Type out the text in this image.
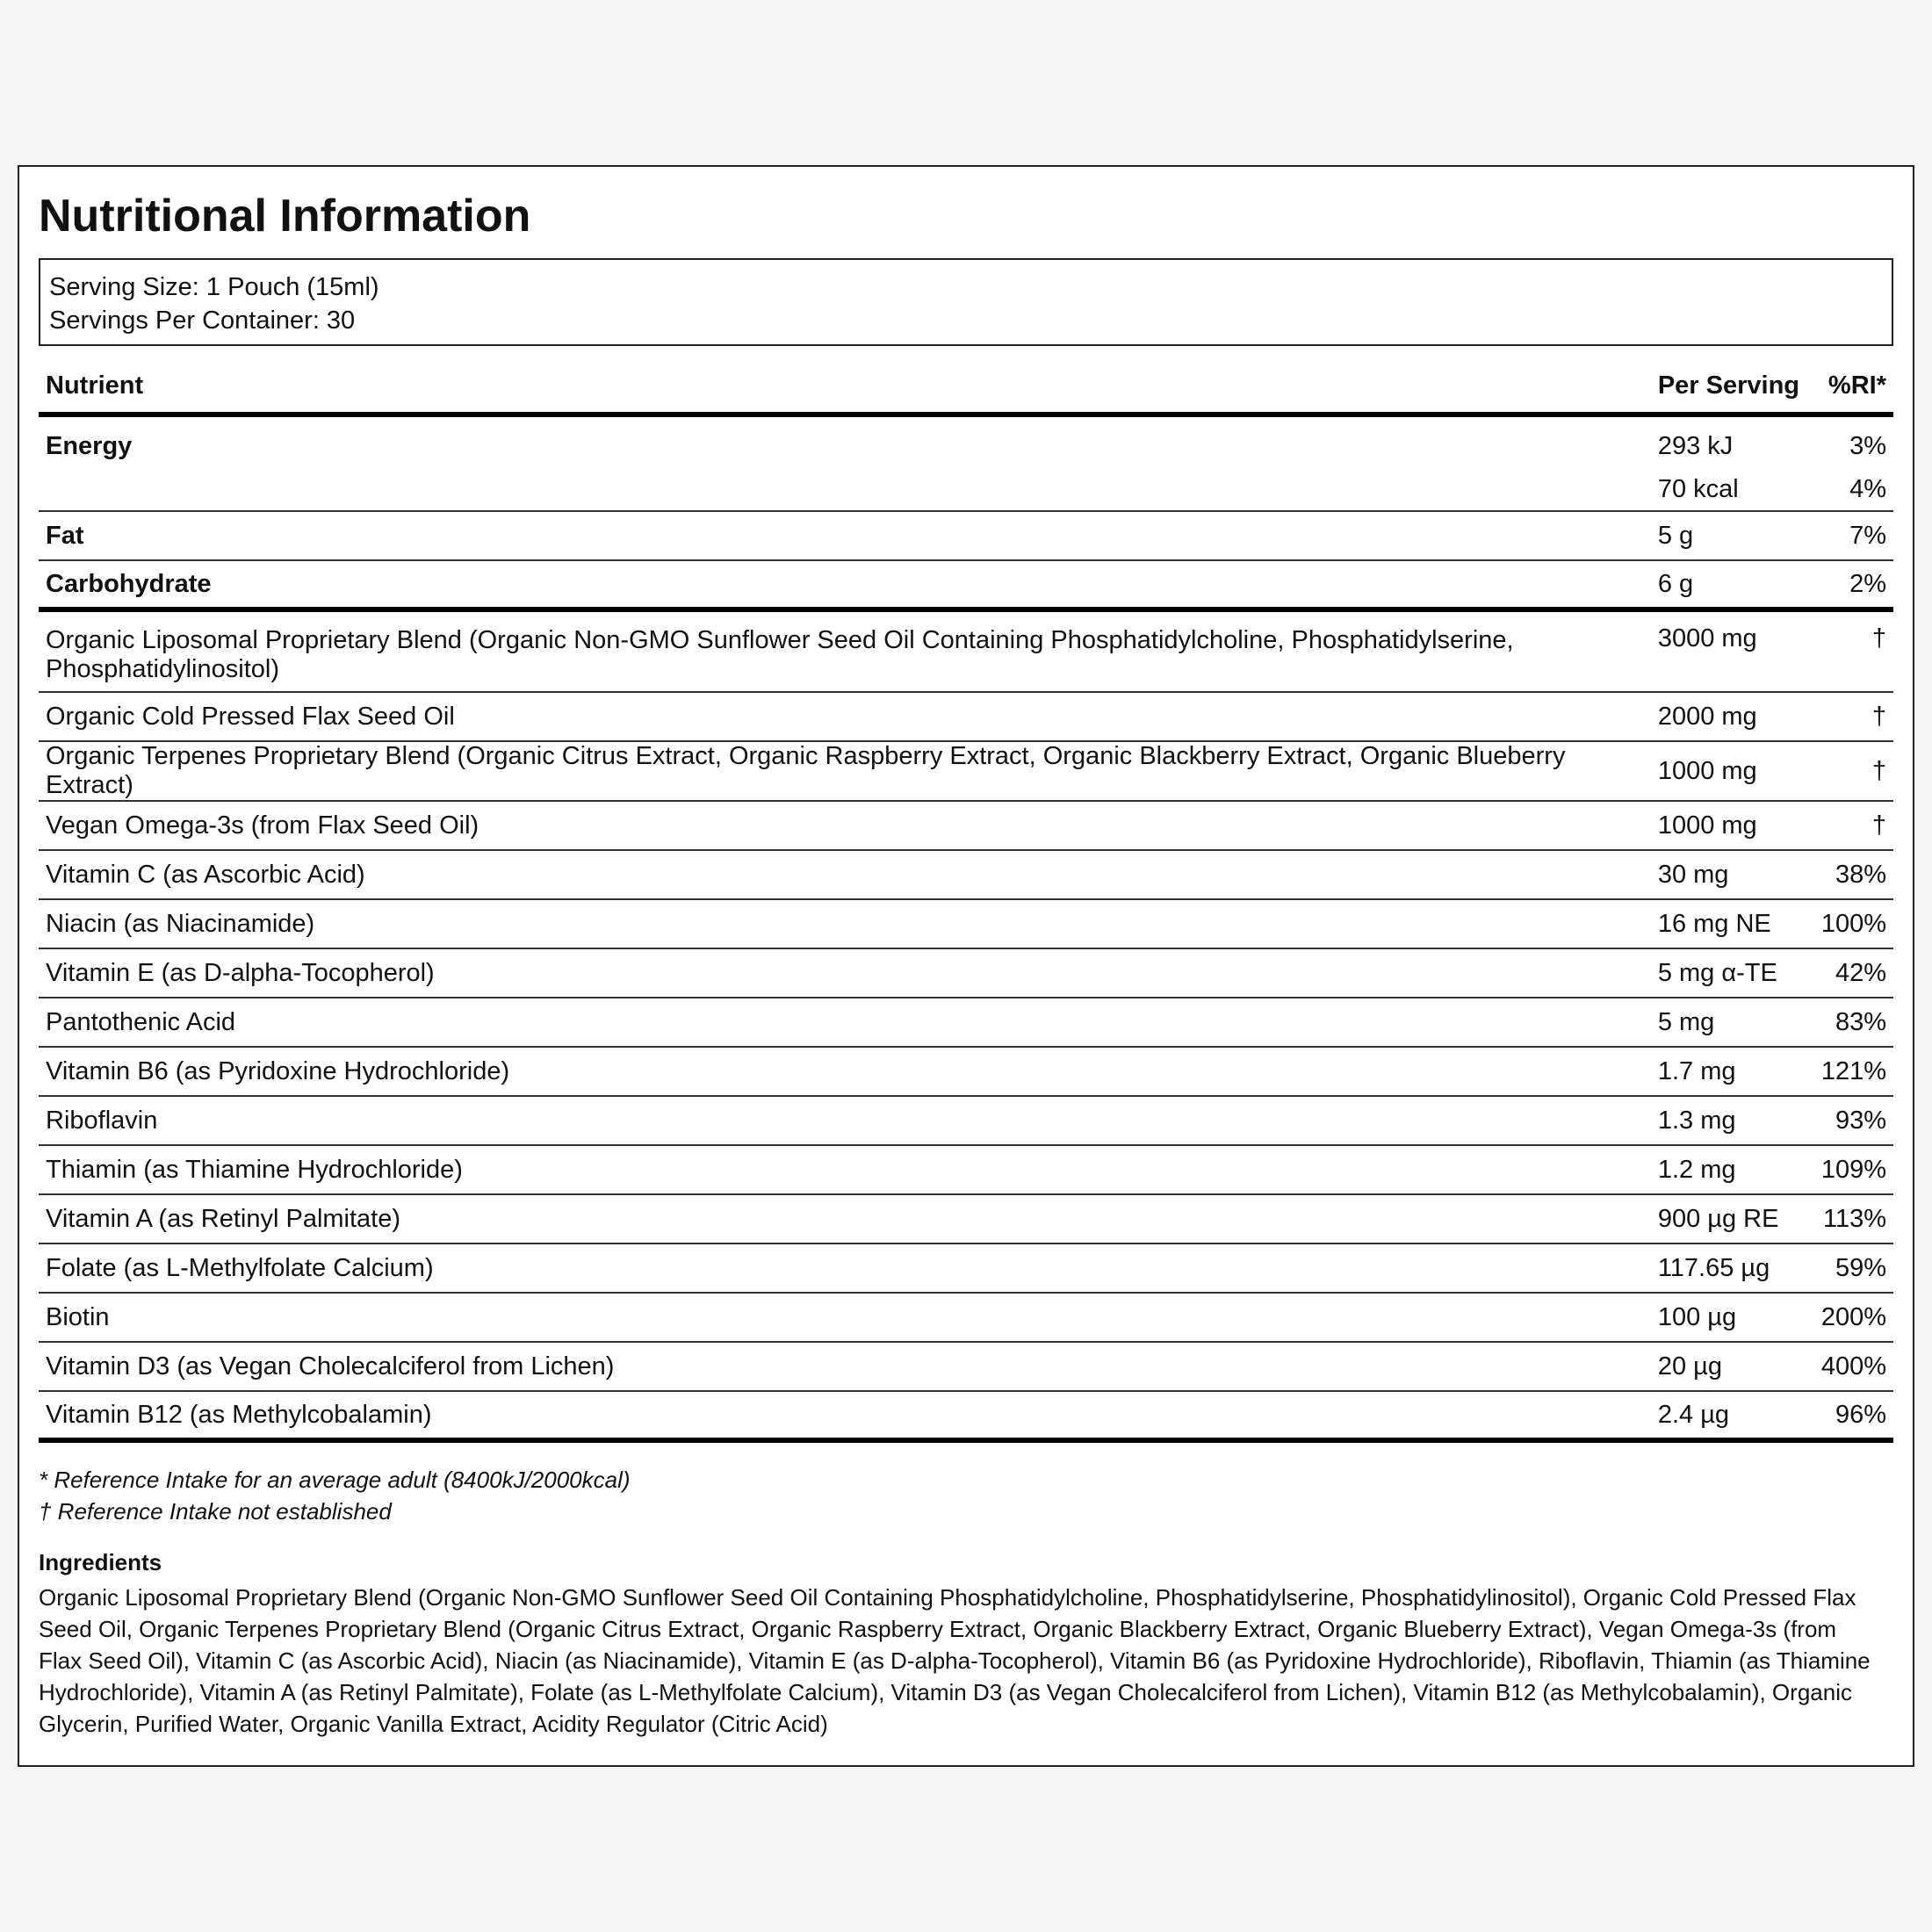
Nutritional Information
Serving Size: 1 Pouch (15ml)
Servings Per Container: 30
Nutrient	Per Serving	%RI*
Energy	293 kJ	3%
	70 kcal	4%
Fat	5 g	7%
Carbohydrate	6 g	2%
Organic Liposomal Proprietary Blend (Organic Non-GMO Sunflower Seed Oil Containing Phosphatidylcholine, Phosphatidylserine, Phosphatidylinositol)	3000 mg	†
Organic Cold Pressed Flax Seed Oil	2000 mg	†
Organic Terpenes Proprietary Blend (Organic Citrus Extract, Organic Raspberry Extract, Organic Blackberry Extract, Organic Blueberry Extract)	1000 mg	†
Vegan Omega-3s (from Flax Seed Oil)	1000 mg	†
Vitamin C (as Ascorbic Acid)	30 mg	38%
Niacin (as Niacinamide)	16 mg NE	100%
Vitamin E (as D-alpha-Tocopherol)	5 mg α-TE	42%
Pantothenic Acid	5 mg	83%
Vitamin B6 (as Pyridoxine Hydrochloride)	1.7 mg	121%
Riboflavin	1.3 mg	93%
Thiamin (as Thiamine Hydrochloride)	1.2 mg	109%
Vitamin A (as Retinyl Palmitate)	900 µg RE	113%
Folate (as L-Methylfolate Calcium)	117.65 µg	59%
Biotin	100 µg	200%
Vitamin D3 (as Vegan Cholecalciferol from Lichen)	20 µg	400%
Vitamin B12 (as Methylcobalamin)	2.4 µg	96%
* Reference Intake for an average adult (8400kJ/2000kcal)
† Reference Intake not established
Ingredients
Organic Liposomal Proprietary Blend (Organic Non-GMO Sunflower Seed Oil Containing Phosphatidylcholine, Phosphatidylserine, Phosphatidylinositol), Organic Cold Pressed Flax Seed Oil, Organic Terpenes Proprietary Blend (Organic Citrus Extract, Organic Raspberry Extract, Organic Blackberry Extract, Organic Blueberry Extract), Vegan Omega-3s (from Flax Seed Oil), Vitamin C (as Ascorbic Acid), Niacin (as Niacinamide), Vitamin E (as D-alpha-Tocopherol), Vitamin B6 (as Pyridoxine Hydrochloride), Riboflavin, Thiamin (as Thiamine Hydrochloride), Vitamin A (as Retinyl Palmitate), Folate (as L-Methylfolate Calcium), Vitamin D3 (as Vegan Cholecalciferol from Lichen), Vitamin B12 (as Methylcobalamin), Organic Glycerin, Purified Water, Organic Vanilla Extract, Acidity Regulator (Citric Acid)
